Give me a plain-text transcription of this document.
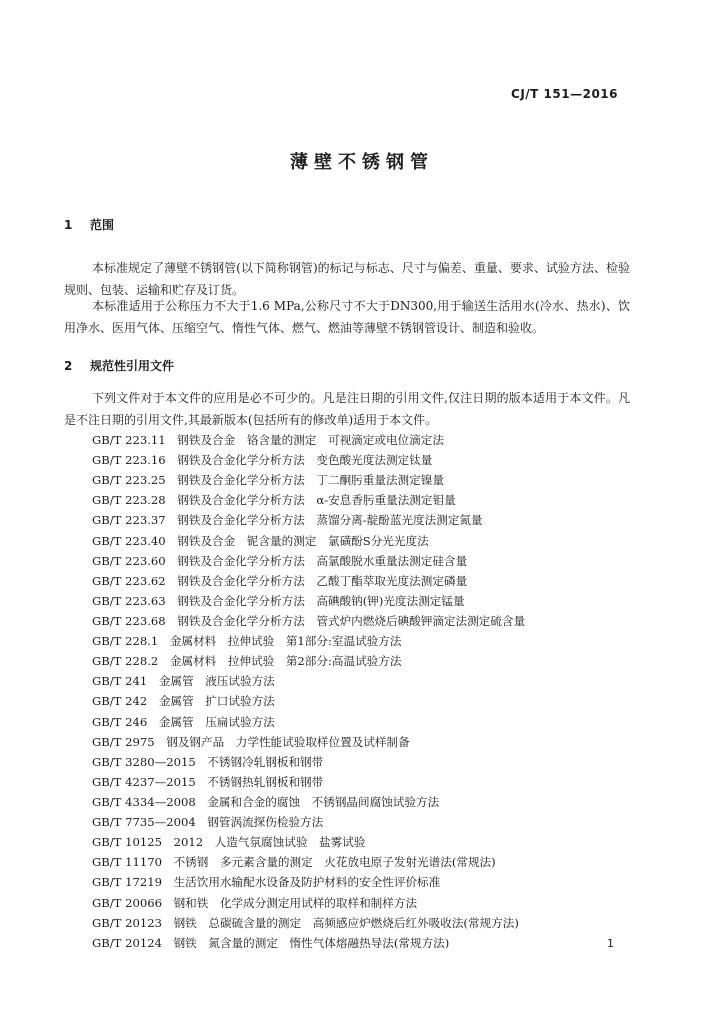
CJ/T 151—2016
薄壁不锈钢管
1 范围
本标准规定了薄壁不锈钢管(以下简称钢管)的标记与标志、尺寸与偏差、重量、要求、试验方法、检验规则、包装、运输和贮存及订货。
本标准适用于公称压力不大于1.6 MPa,公称尺寸不大于DN300,用于输送生活用水(冷水、热水)、饮用净水、医用气体、压缩空气、惰性气体、燃气、燃油等薄壁不锈钢管设计、制造和验收。
2 规范性引用文件
下列文件对于本文件的应用是必不可少的。凡是注日期的引用文件,仅注日期的版本适用于本文件。凡是不注日期的引用文件,其最新版本(包括所有的修改单)适用于本文件。
GB/T 223.11　钢铁及合金　铬含量的测定　可视滴定或电位滴定法
GB/T 223.16　钢铁及合金化学分析方法　变色酸光度法测定钛量
GB/T 223.25　钢铁及合金化学分析方法　丁二酮肟重量法测定镍量
GB/T 223.28　钢铁及合金化学分析方法　α-安息香肟重量法测定钼量
GB/T 223.37　钢铁及合金化学分析方法　蒸馏分离-靛酚蓝光度法测定氮量
GB/T 223.40　钢铁及合金　铌含量的测定　氯磺酚S分光光度法
GB/T 223.60　钢铁及合金化学分析方法　高氯酸脱水重量法测定硅含量
GB/T 223.62　钢铁及合金化学分析方法　乙酸丁酯萃取光度法测定磷量
GB/T 223.63　钢铁及合金化学分析方法　高碘酸钠(钾)光度法测定锰量
GB/T 223.68　钢铁及合金化学分析方法　管式炉内燃烧后碘酸钾滴定法测定硫含量
GB/T 228.1　金属材料　拉伸试验　第1部分:室温试验方法
GB/T 228.2　金属材料　拉伸试验　第2部分:高温试验方法
GB/T 241　金属管　液压试验方法
GB/T 242　金属管　扩口试验方法
GB/T 246　金属管　压扁试验方法
GB/T 2975　钢及钢产品　力学性能试验取样位置及试样制备
GB/T 3280—2015　不锈钢冷轧钢板和钢带
GB/T 4237—2015　不锈钢热轧钢板和钢带
GB/T 4334—2008　金属和合金的腐蚀　不锈钢晶间腐蚀试验方法
GB/T 7735—2004　钢管涡流探伤检验方法
GB/T 10125　2012　人造气氛腐蚀试验　盐雾试验
GB/T 11170　不锈钢　多元素含量的测定　火花放电原子发射光谱法(常规法)
GB/T 17219　生活饮用水输配水设备及防护材料的安全性评价标准
GB/T 20066　钢和铁　化学成分测定用试样的取样和制样方法
GB/T 20123　钢铁　总碳硫含量的测定　高频感应炉燃烧后红外吸收法(常规方法)
GB/T 20124　钢铁　氮含量的测定　惰性气体熔融热导法(常规方法)	1
